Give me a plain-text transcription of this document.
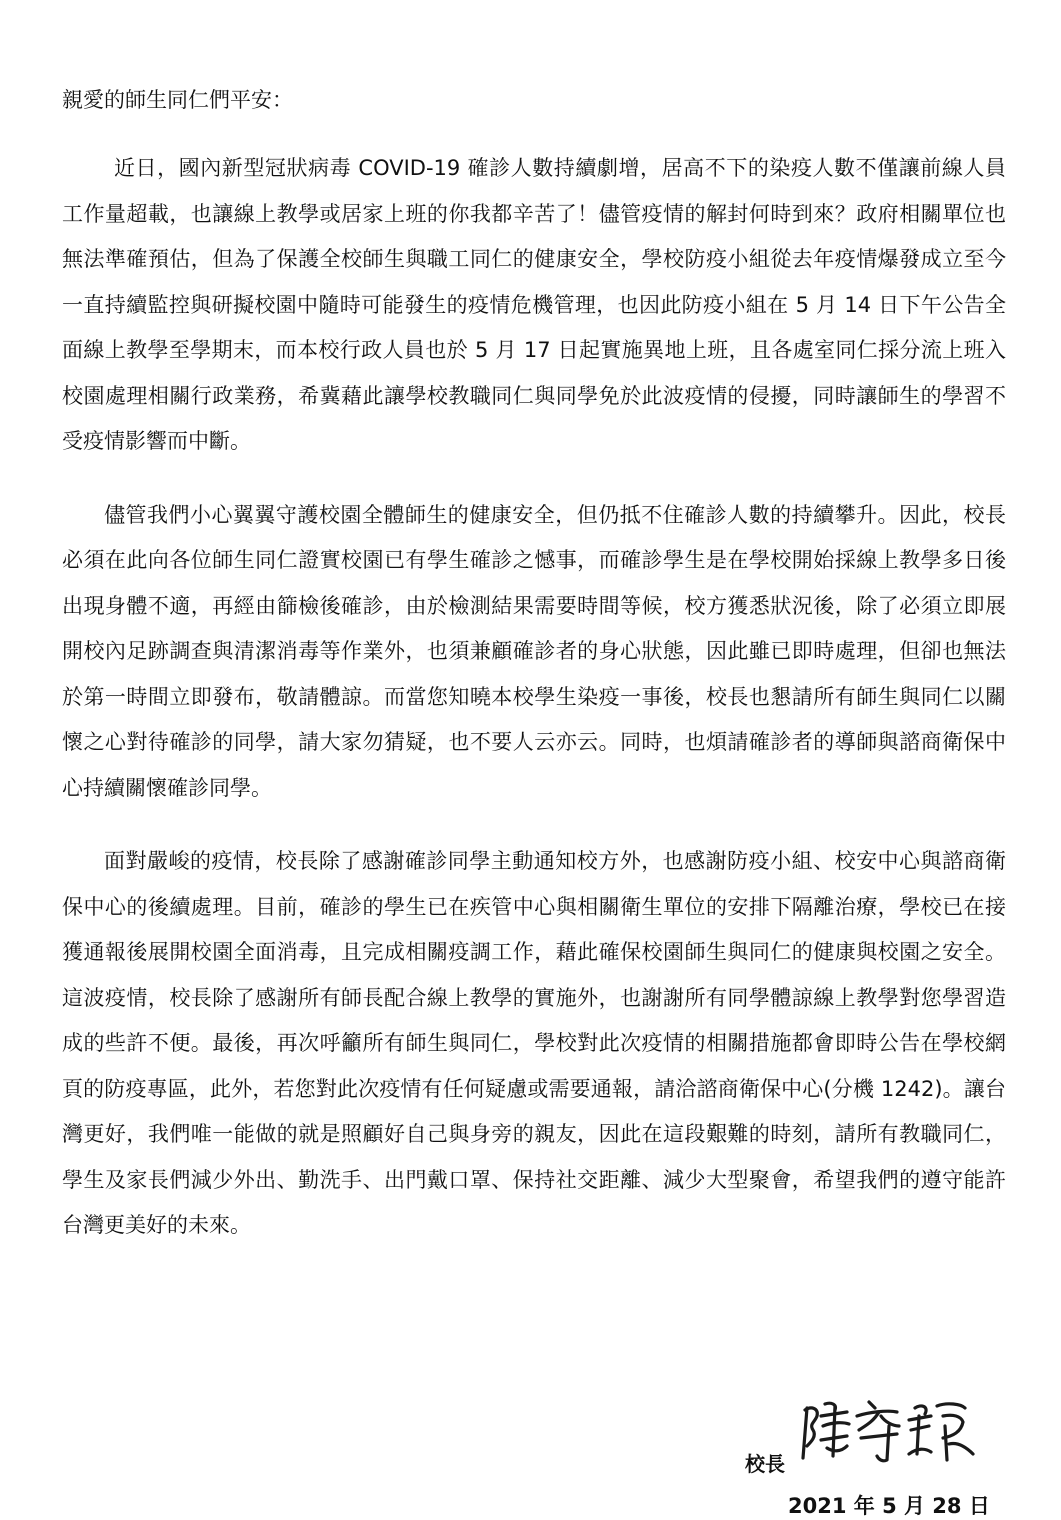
親愛的師生同仁們平安：

近日，國內新型冠狀病毒 COVID-19 確診人數持續劇增，居高不下的染疫人數不僅讓前線人員工作量超載，也讓線上教學或居家上班的你我都辛苦了！儘管疫情的解封何時到來？政府相關單位也無法準確預估，但為了保護全校師生與職工同仁的健康安全，學校防疫小組從去年疫情爆發成立至今一直持續監控與研擬校園中隨時可能發生的疫情危機管理，也因此防疫小組在 5 月 14 日下午公告全面線上教學至學期末，而本校行政人員也於 5 月 17 日起實施異地上班，且各處室同仁採分流上班入校園處理相關行政業務，希冀藉此讓學校教職同仁與同學免於此波疫情的侵擾，同時讓師生的學習不受疫情影響而中斷。

儘管我們小心翼翼守護校園全體師生的健康安全，但仍抵不住確診人數的持續攀升。因此，校長必須在此向各位師生同仁證實校園已有學生確診之憾事，而確診學生是在學校開始採線上教學多日後出現身體不適，再經由篩檢後確診，由於檢測結果需要時間等候，校方獲悉狀況後，除了必須立即展開校內足跡調查與清潔消毒等作業外，也須兼顧確診者的身心狀態，因此雖已即時處理，但卻也無法於第一時間立即發布，敬請體諒。而當您知曉本校學生染疫一事後，校長也懇請所有師生與同仁以關懷之心對待確診的同學，請大家勿猜疑，也不要人云亦云。同時，也煩請確診者的導師與諮商衛保中心持續關懷確診同學。

面對嚴峻的疫情，校長除了感謝確診同學主動通知校方外，也感謝防疫小組、校安中心與諮商衛保中心的後續處理。目前，確診的學生已在疾管中心與相關衛生單位的安排下隔離治療，學校已在接獲通報後展開校園全面消毒，且完成相關疫調工作，藉此確保校園師生與同仁的健康與校園之安全。這波疫情，校長除了感謝所有師長配合線上教學的實施外，也謝謝所有同學體諒線上教學對您學習造成的些許不便。最後，再次呼籲所有師生與同仁，學校對此次疫情的相關措施都會即時公告在學校網頁的防疫專區，此外，若您對此次疫情有任何疑慮或需要通報，請洽諮商衛保中心(分機 1242)。讓台灣更好，我們唯一能做的就是照顧好自己與身旁的親友，因此在這段艱難的時刻，請所有教職同仁，學生及家長們減少外出、勤洗手、出門戴口罩、保持社交距離、減少大型聚會，希望我們的遵守能許台灣更美好的未來。

校長
2021 年 5 月 28 日
